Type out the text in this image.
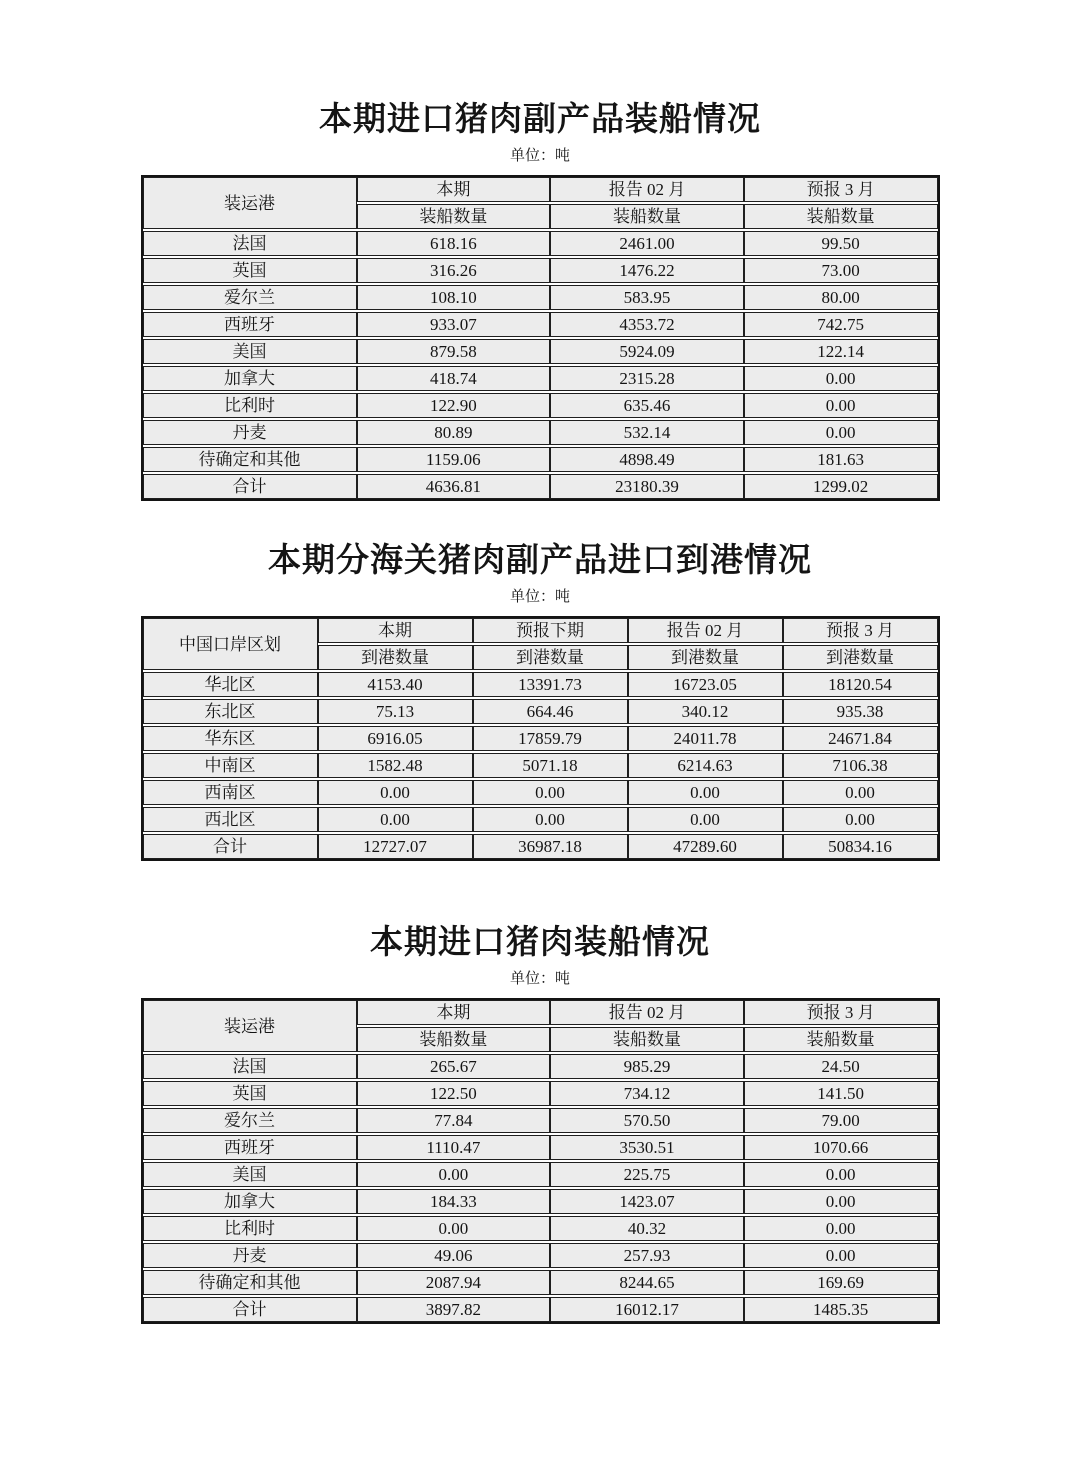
本期进口猪肉副产品装船情况
单位：吨
装运港
本期	报告 02 月	预报 3 月
装船数量	装船数量	装船数量
法国	618.16	2461.00	99.50
英国	316.26	1476.22	73.00
爱尔兰	108.10	583.95	80.00
西班牙	933.07	4353.72	742.75
美国	879.58	5924.09	122.14
加拿大	418.74	2315.28	0.00
比利时	122.90	635.46	0.00
丹麦	80.89	532.14	0.00
待确定和其他	1159.06	4898.49	181.63
合计	4636.81	23180.39	1299.02
本期分海关猪肉副产品进口到港情况
单位：吨
中国口岸区划
本期	预报下期	报告 02 月	预报 3 月
到港数量	到港数量	到港数量	到港数量
华北区	4153.40	13391.73	16723.05	18120.54
东北区	75.13	664.46	340.12	935.38
华东区	6916.05	17859.79	24011.78	24671.84
中南区	1582.48	5071.18	6214.63	7106.38
西南区	0.00	0.00	0.00	0.00
西北区	0.00	0.00	0.00	0.00
合计	12727.07	36987.18	47289.60	50834.16
本期进口猪肉装船情况
单位：吨
装运港
本期	报告 02 月	预报 3 月
装船数量	装船数量	装船数量
法国	265.67	985.29	24.50
英国	122.50	734.12	141.50
爱尔兰	77.84	570.50	79.00
西班牙	1110.47	3530.51	1070.66
美国	0.00	225.75	0.00
加拿大	184.33	1423.07	0.00
比利时	0.00	40.32	0.00
丹麦	49.06	257.93	0.00
待确定和其他	2087.94	8244.65	169.69
合计	3897.82	16012.17	1485.35
